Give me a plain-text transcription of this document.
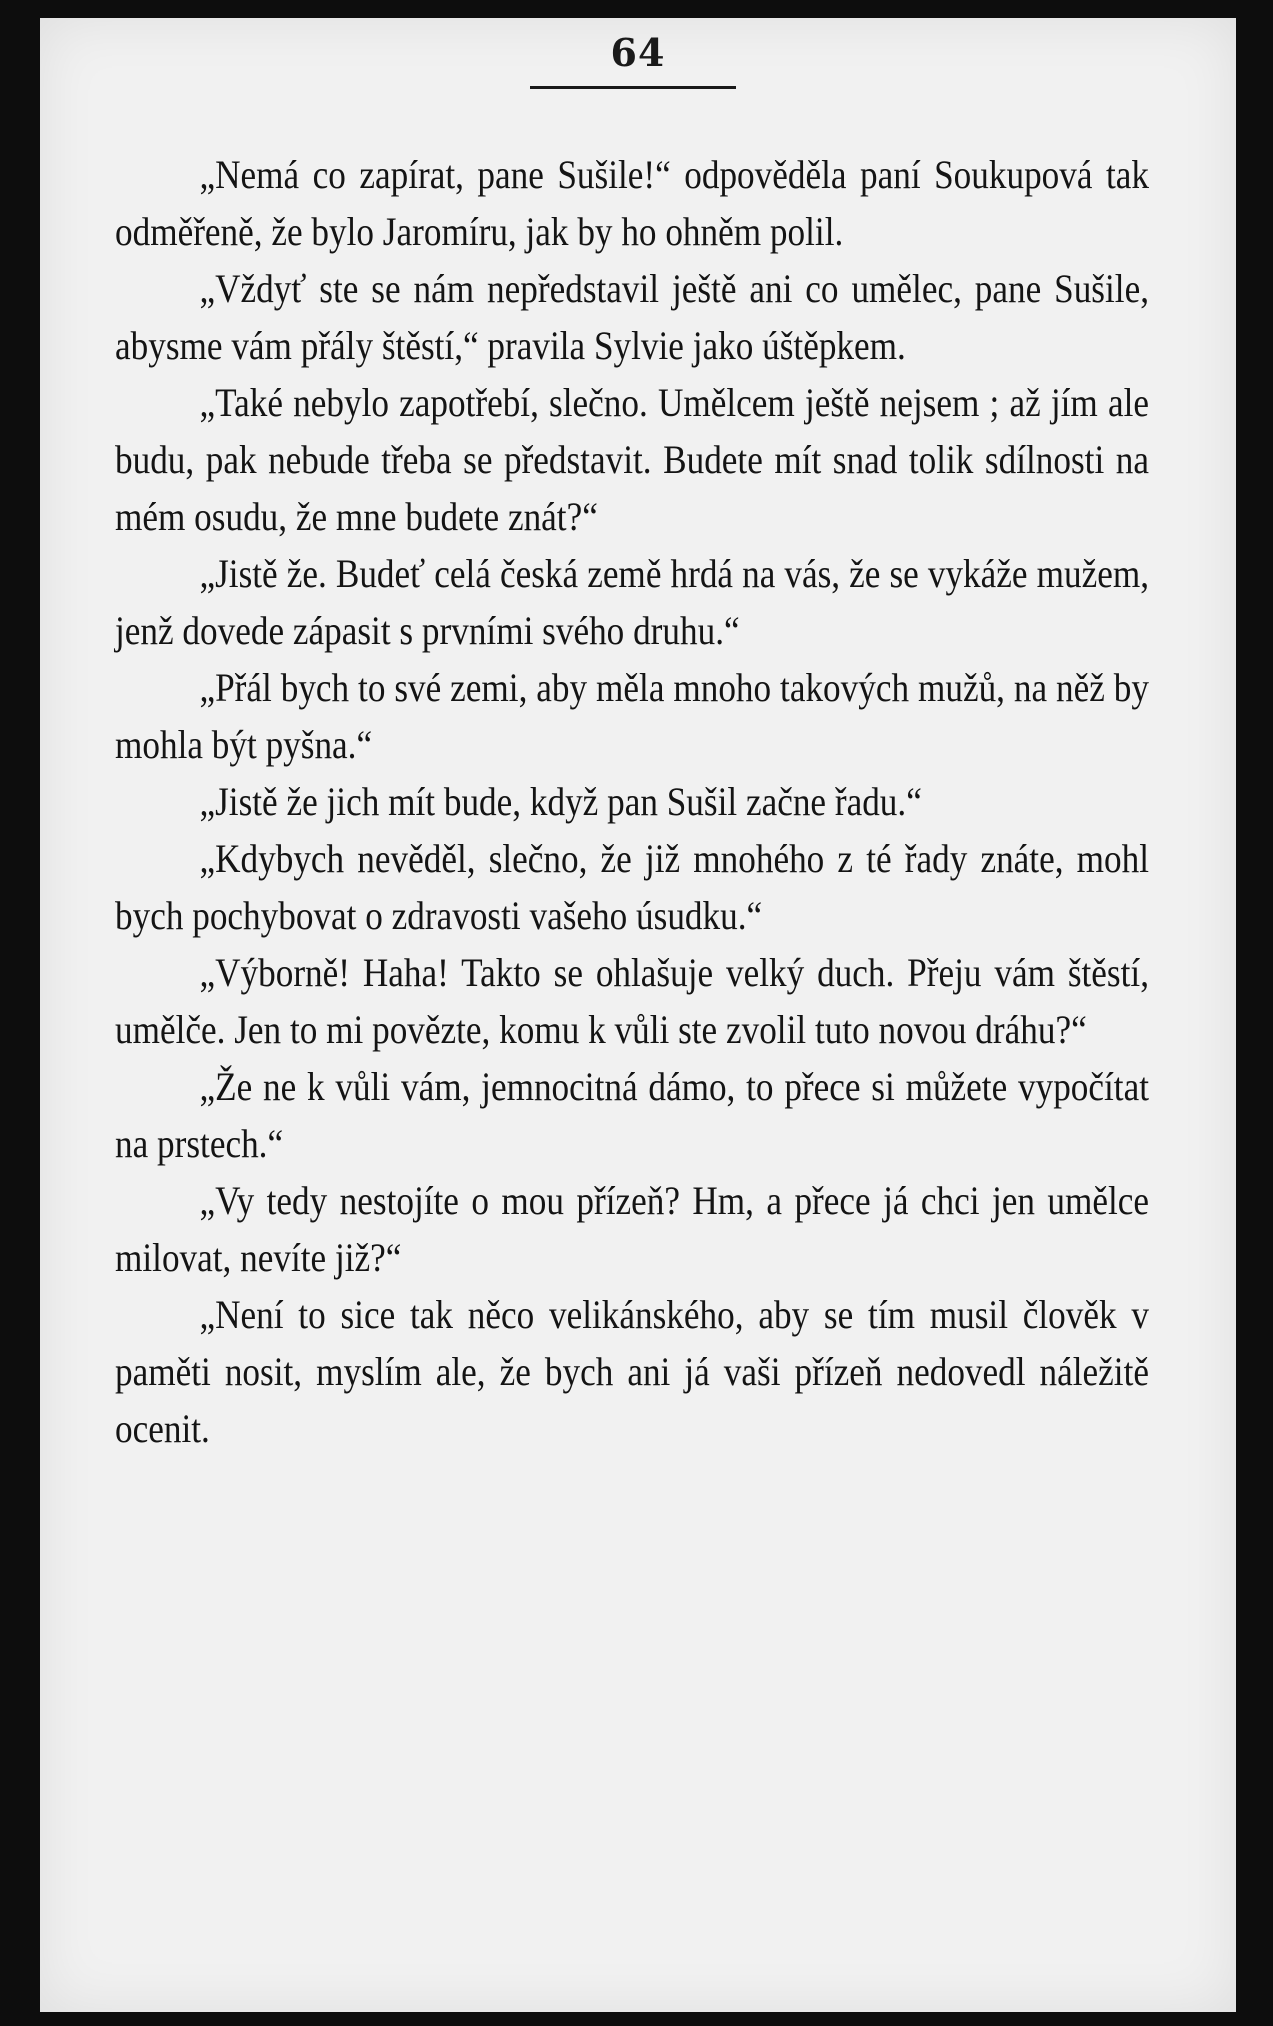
64

„Nemá co zapírat, pane Sušile!“ odpověděla paní Soukupová tak odměřeně, že bylo Jaromíru, jak by ho ohněm polil.

„Vždyť ste se nám nepředstavil ještě ani co umělec, pane Sušile, abysme vám přály štěstí,“ pravila Sylvie jako úštěpkem.

„Také nebylo zapotřebí, slečno. Umělcem ještě nejsem ; až jím ale budu, pak nebude třeba se představit. Budete mít snad tolik sdílnosti na mém osudu, že mne budete znát?“

„Jistě že. Budeť celá česká země hrdá na vás, že se vykáže mužem, jenž dovede zápasit s prvními svého druhu.“

„Přál bych to své zemi, aby měla mnoho takových mužů, na něž by mohla být pyšna.“

„Jistě že jich mít bude, když pan Sušil začne řadu.“

„Kdybych nevěděl, slečno, že již mnohého z té řady znáte, mohl bych pochybovat o zdravosti vašeho úsudku.“

„Výborně! Haha! Takto se ohlašuje velký duch. Přeju vám štěstí, umělče. Jen to mi povězte, komu k vůli ste zvolil tuto novou dráhu?“

„Že ne k vůli vám, jemnocitná dámo, to přece si můžete vypočítat na prstech.“

„Vy tedy nestojíte o mou přízeň? Hm, a přece já chci jen umělce milovat, nevíte již?“

„Není to sice tak něco velikánského, aby se tím musil člověk v paměti nosit, myslím ale, že bych ani já vaši přízeň nedovedl náležitě ocenit.
